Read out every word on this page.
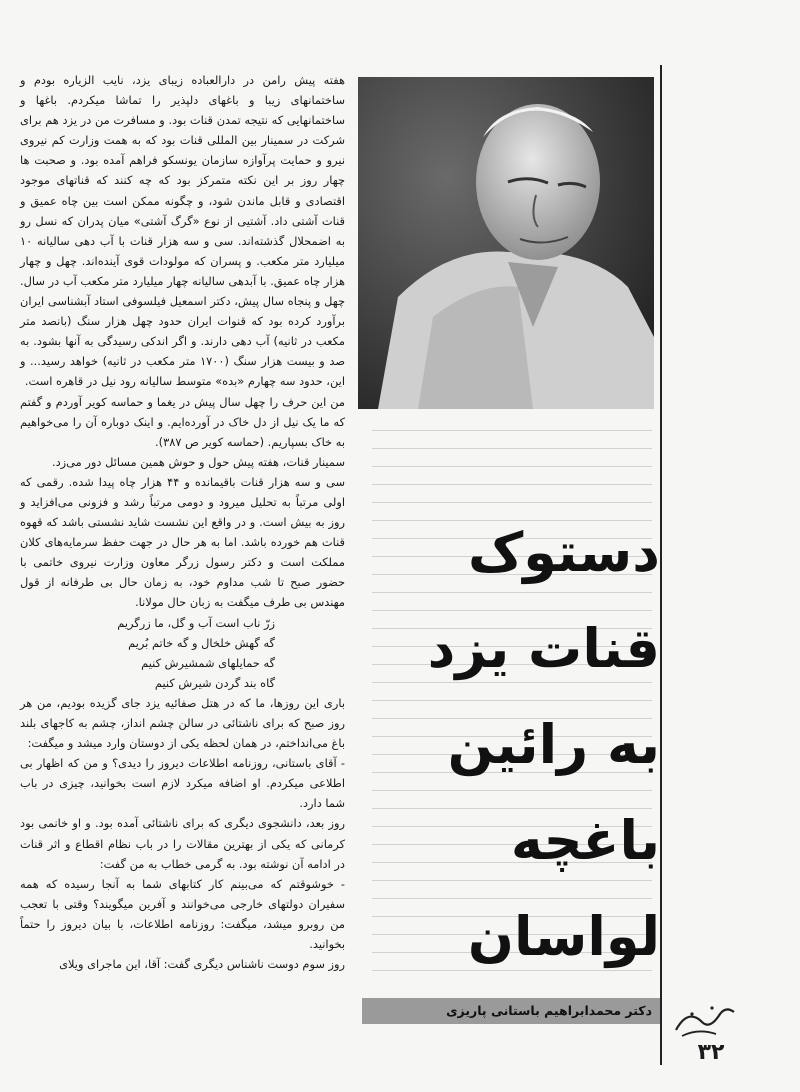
هفته پیش رامن در دارالعباده زیبای یزد، نایب الزیاره بودم و ساختمانهای زیبا و باغهای دلپذیر را تماشا میکردم. باغها و ساختمانهایی که نتیجه تمدن قنات بود. و مسافرت من در یزد هم برای شرکت در سمینار بین المللی قنات بود که به همت وزارت کم نیروی نیرو و حمایت پرآوازه سازمان یونسکو فراهم آمده بود. و صحبت ها چهار روز بر این نکته متمرکز بود که چه کنند که قناتهای موجود اقتصادی و قابل ماندن شود، و چگونه ممکن است بین چاه عمیق و قنات آشتی داد. آشتیی از نوع «گرگ آشتی» میان پدران که نسل رو به اضمحلال گذشته‌اند. سی و سه هزار قنات با آب دهی سالیانه ۱۰ میلیارد متر مکعب. و پسران که مولودات قوی آینده‌اند. چهل و چهار هزار چاه عمیق. با آبدهی سالیانه چهار میلیارد متر مکعب آب در سال. چهل و پنجاه سال پیش، دکتر اسمعیل فیلسوفی استاد آبشناسی ایران برآورد کرده بود که قنوات ایران حدود چهل هزار سنگ (بانصد متر مکعب در ثانیه) آب دهی دارند. و اگر اندکی رسیدگی به آنها بشود. به صد و بیست هزار سنگ (۱۷۰۰ متر مکعب در ثانیه) خواهد رسید... و این، حدود سه چهارم «بده» متوسط سالیانه رود نیل در قاهره است.

من این حرف را چهل سال پیش در یغما و حماسه کویر آوردم و گفتم که ما یک نیل از دل خاک در آورده‌ایم. و اینک دوباره آن را می‌خواهیم به خاک بسپاریم. (حماسه کویر ص ۳۸۷).

سمینار قنات، هفته پیش حول و حوش همین مسائل دور می‌زد.

سی و سه هزار قنات باقیمانده و ۴۴ هزار چاه پیدا شده. رقمی که اولی مرتباً به تحلیل میرود و دومی مرتباً رشد و فزونی می‌افزاید و روز به بیش است. و در واقع این نشست شاید نشستی باشد که قهوه قنات هم خورده باشد. اما به هر حال در جهت حفظ سرمایه‌های کلان مملکت است و دکتر رسول زرگر معاون وزارت نیروی خاتمی با حضور صبح تا شب مداوم خود، به زمان حال بی طرفانه از قول مهندس بی طرف میگفت به زبان حال مولانا.

زرّ ناب است آب و گل، ما زرگریم
گه گهش خلخال و گه خاتم بُریم
گه حمایلهای شمشیرش کنیم
گاه بند گردن شیرش کنیم

باری این روزها، ما که در هتل صفائیه یزد جای گزیده بودیم، من هر روز صبح که برای ناشتائی در سالن چشم انداز، چشم به کاجهای بلند باغ می‌انداختم، در همان لحظه یکی از دوستان وارد میشد و میگفت:

- آقای باستانی، روزنامه اطلاعات دیروز را دیدی؟ و من که اظهار بی اطلاعی میکردم. او اضافه میکرد لازم است بخوانید، چیزی در باب شما دارد.

روز بعد، دانشجوی دیگری که برای ناشتائی آمده بود. و او خانمی بود کرمانی که یکی از بهترین مقالات را در باب نظام اقطاع و اثر قنات در ادامه آن نوشته بود. به گرمی خطاب به من گفت:

- خوشوقتم که می‌بینم کار کتابهای شما به آنجا رسیده که همه سفیران دولتهای خارجی می‌خوانند و آفرین میگویند؟ وقتی با تعجب من روبرو میشد، میگفت: روزنامه اطلاعات، با بیان دیروز را حتماً بخوانید.

روز سوم دوست ناشناس دیگری گفت: آقا، این ماجرای ویلای

دستوک
قنات یزد
به رائین
باغچه
لواسان
دکتر محمدابراهیم باستانی پاریزی
۳۲
